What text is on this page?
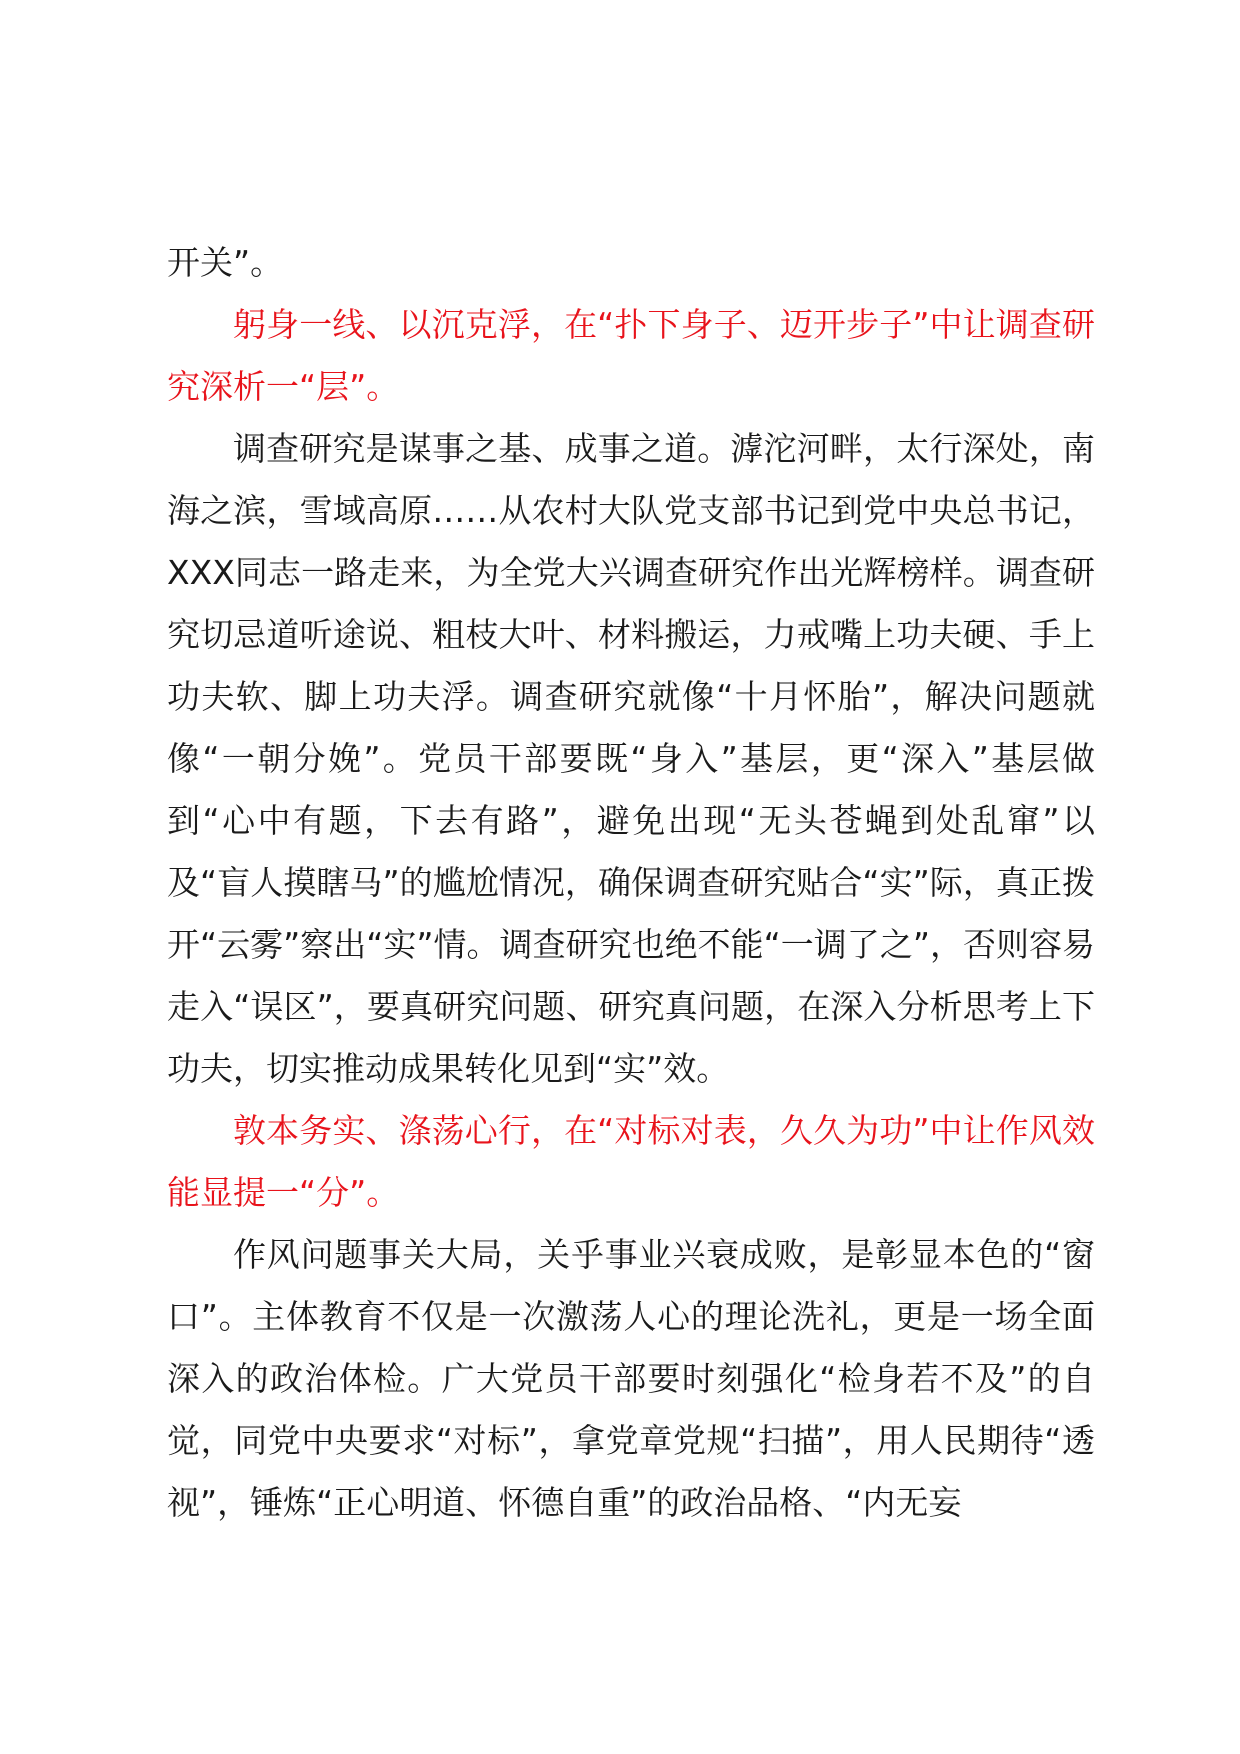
开关”。

躬身一线、以沉克浮，在“扑下身子、迈开步子”中让调查研究深析一“层”。

调查研究是谋事之基、成事之道。滹沱河畔，太行深处，南海之滨，雪域高原……从农村大队党支部书记到党中央总书记，XXX同志一路走来，为全党大兴调查研究作出光辉榜样。调查研究切忌道听途说、粗枝大叶、材料搬运，力戒嘴上功夫硬、手上功夫软、脚上功夫浮。调查研究就像“十月怀胎”，解决问题就像“一朝分娩”。党员干部要既“身入”基层，更“深入”基层做到“心中有题，下去有路”，避免出现“无头苍蝇到处乱窜”以及“盲人摸瞎马”的尴尬情况，确保调查研究贴合“实”际，真正拨开“云雾”察出“实”情。调查研究也绝不能“一调了之”，否则容易走入“误区”，要真研究问题、研究真问题，在深入分析思考上下功夫，切实推动成果转化见到“实”效。

敦本务实、涤荡心行，在“对标对表，久久为功”中让作风效能显提一“分”。

作风问题事关大局，关乎事业兴衰成败，是彰显本色的“窗口”。主体教育不仅是一次激荡人心的理论洗礼，更是一场全面深入的政治体检。广大党员干部要时刻强化“检身若不及”的自觉，同党中央要求“对标”，拿党章党规“扫描”，用人民期待“透视”，锤炼“正心明道、怀德自重”的政治品格、“内无妄
